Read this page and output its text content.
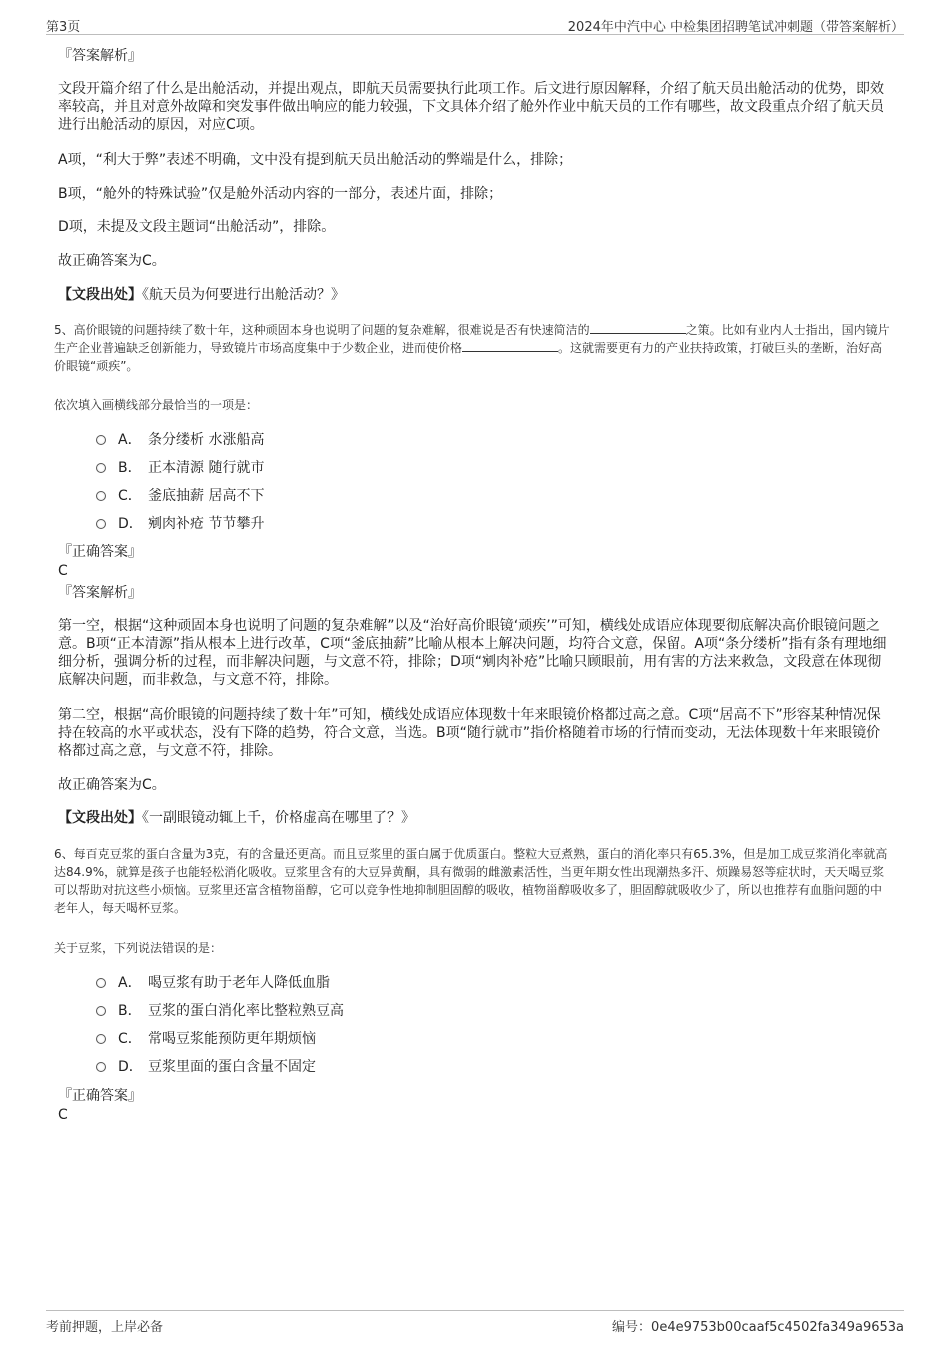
第3页	2024年中汽中心 中检集团招聘笔试冲刺题（带答案解析）
『答案解析』
文段开篇介绍了什么是出舱活动，并提出观点，即航天员需要执行此项工作。后文进行原因解释，介绍了航天员出舱活动的优势，即效率较高，并且对意外故障和突发事件做出响应的能力较强，下文具体介绍了舱外作业中航天员的工作有哪些，故文段重点介绍了航天员进行出舱活动的原因，对应C项。
A项，“利大于弊”表述不明确，文中没有提到航天员出舱活动的弊端是什么，排除；
B项，“舱外的特殊试验”仅是舱外活动内容的一部分，表述片面，排除；
D项，未提及文段主题词“出舱活动”，排除。
故正确答案为C。
【文段出处】《航天员为何要进行出舱活动？》
5、高价眼镜的问题持续了数十年，这种顽固本身也说明了问题的复杂难解，很难说是否有快速简洁的	之策。比如有业内人士指出，国内镜片生产企业普遍缺乏创新能力，导致镜片市场高度集中于少数企业，进而使价格	。这就需要更有力的产业扶持政策，打破巨头的垄断，治好高价眼镜“顽疾”。
依次填入画横线部分最恰当的一项是：
A． 条分缕析 水涨船高
B． 正本清源 随行就市
C． 釜底抽薪 居高不下
D． 剜肉补疮 节节攀升
『正确答案』
C
『答案解析』
第一空，根据“这种顽固本身也说明了问题的复杂难解”以及“治好高价眼镜‘顽疾’”可知，横线处成语应体现要彻底解决高价眼镜问题之意。B项“正本清源”指从根本上进行改革，C项“釜底抽薪”比喻从根本上解决问题，均符合文意，保留。A项“条分缕析”指有条有理地细细分析，强调分析的过程，而非解决问题，与文意不符，排除；D项“剜肉补疮”比喻只顾眼前，用有害的方法来救急，文段意在体现彻底解决问题，而非救急，与文意不符，排除。
第二空，根据“高价眼镜的问题持续了数十年”可知，横线处成语应体现数十年来眼镜价格都过高之意。C项“居高不下”形容某种情况保持在较高的水平或状态，没有下降的趋势，符合文意，当选。B项“随行就市”指价格随着市场的行情而变动，无法体现数十年来眼镜价格都过高之意，与文意不符，排除。
故正确答案为C。
【文段出处】《一副眼镜动辄上千，价格虚高在哪里了？》
6、每百克豆浆的蛋白含量为3克，有的含量还更高。而且豆浆里的蛋白属于优质蛋白。整粒大豆煮熟，蛋白的消化率只有65.3%，但是加工成豆浆消化率就高达84.9%，就算是孩子也能轻松消化吸收。豆浆里含有的大豆异黄酮，具有微弱的雌激素活性，当更年期女性出现潮热多汗、烦躁易怒等症状时，天天喝豆浆可以帮助对抗这些小烦恼。豆浆里还富含植物甾醇，它可以竞争性地抑制胆固醇的吸收，植物甾醇吸收多了，胆固醇就吸收少了，所以也推荐有血脂问题的中老年人，每天喝杯豆浆。
关于豆浆，下列说法错误的是：
A． 喝豆浆有助于老年人降低血脂
B． 豆浆的蛋白消化率比整粒熟豆高
C． 常喝豆浆能预防更年期烦恼
D． 豆浆里面的蛋白含量不固定
『正确答案』
C
考前押题，上岸必备	编号：0e4e9753b00caaf5c4502fa349a9653a
